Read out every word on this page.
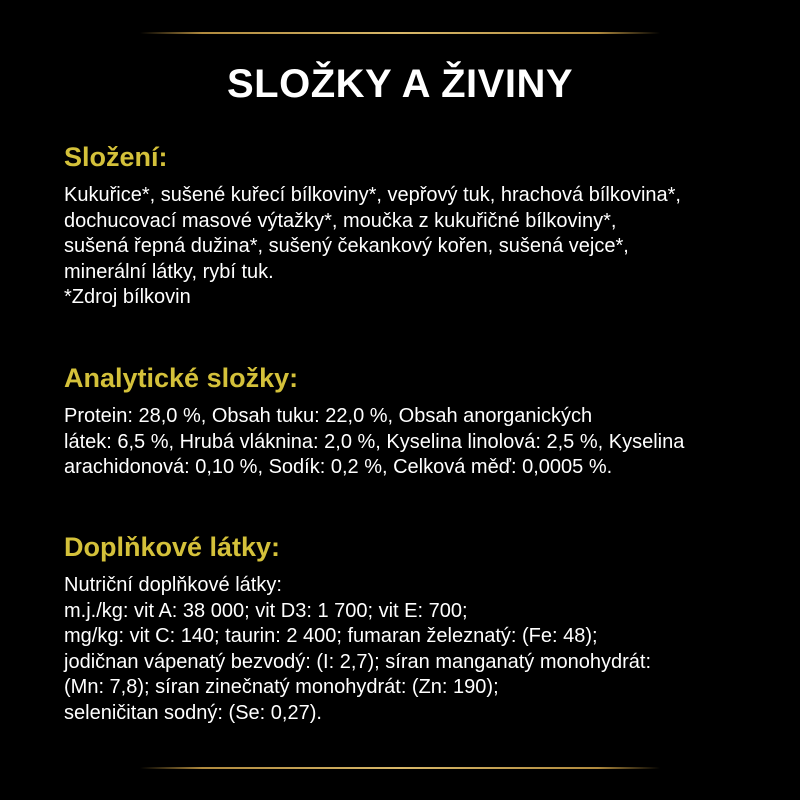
SLOŽKY A ŽIVINY
Složení:
Kukuřice*, sušené kuřecí bílkoviny*, vepřový tuk, hrachová bílkovina*,
dochucovací masové výtažky*, moučka z kukuřičné bílkoviny*,
sušená řepná dužina*, sušený čekankový kořen, sušená vejce*,
minerální látky, rybí tuk.
*Zdroj bílkovin
Analytické složky:
Protein: 28,0 %, Obsah tuku: 22,0 %, Obsah anorganických
látek: 6,5 %, Hrubá vláknina: 2,0 %, Kyselina linolová: 2,5 %, Kyselina
arachidonová: 0,10 %, Sodík: 0,2 %, Celková měď: 0,0005 %.
Doplňkové látky:
Nutriční doplňkové látky:
m.j./kg: vit A: 38 000; vit D3: 1 700; vit E: 700;
mg/kg: vit C: 140; taurin: 2 400; fumaran železnatý: (Fe: 48);
jodičnan vápenatý bezvodý: (I: 2,7); síran manganatý monohydrát:
(Mn: 7,8); síran zinečnatý monohydrát: (Zn: 190);
seleničitan sodný: (Se: 0,27).
